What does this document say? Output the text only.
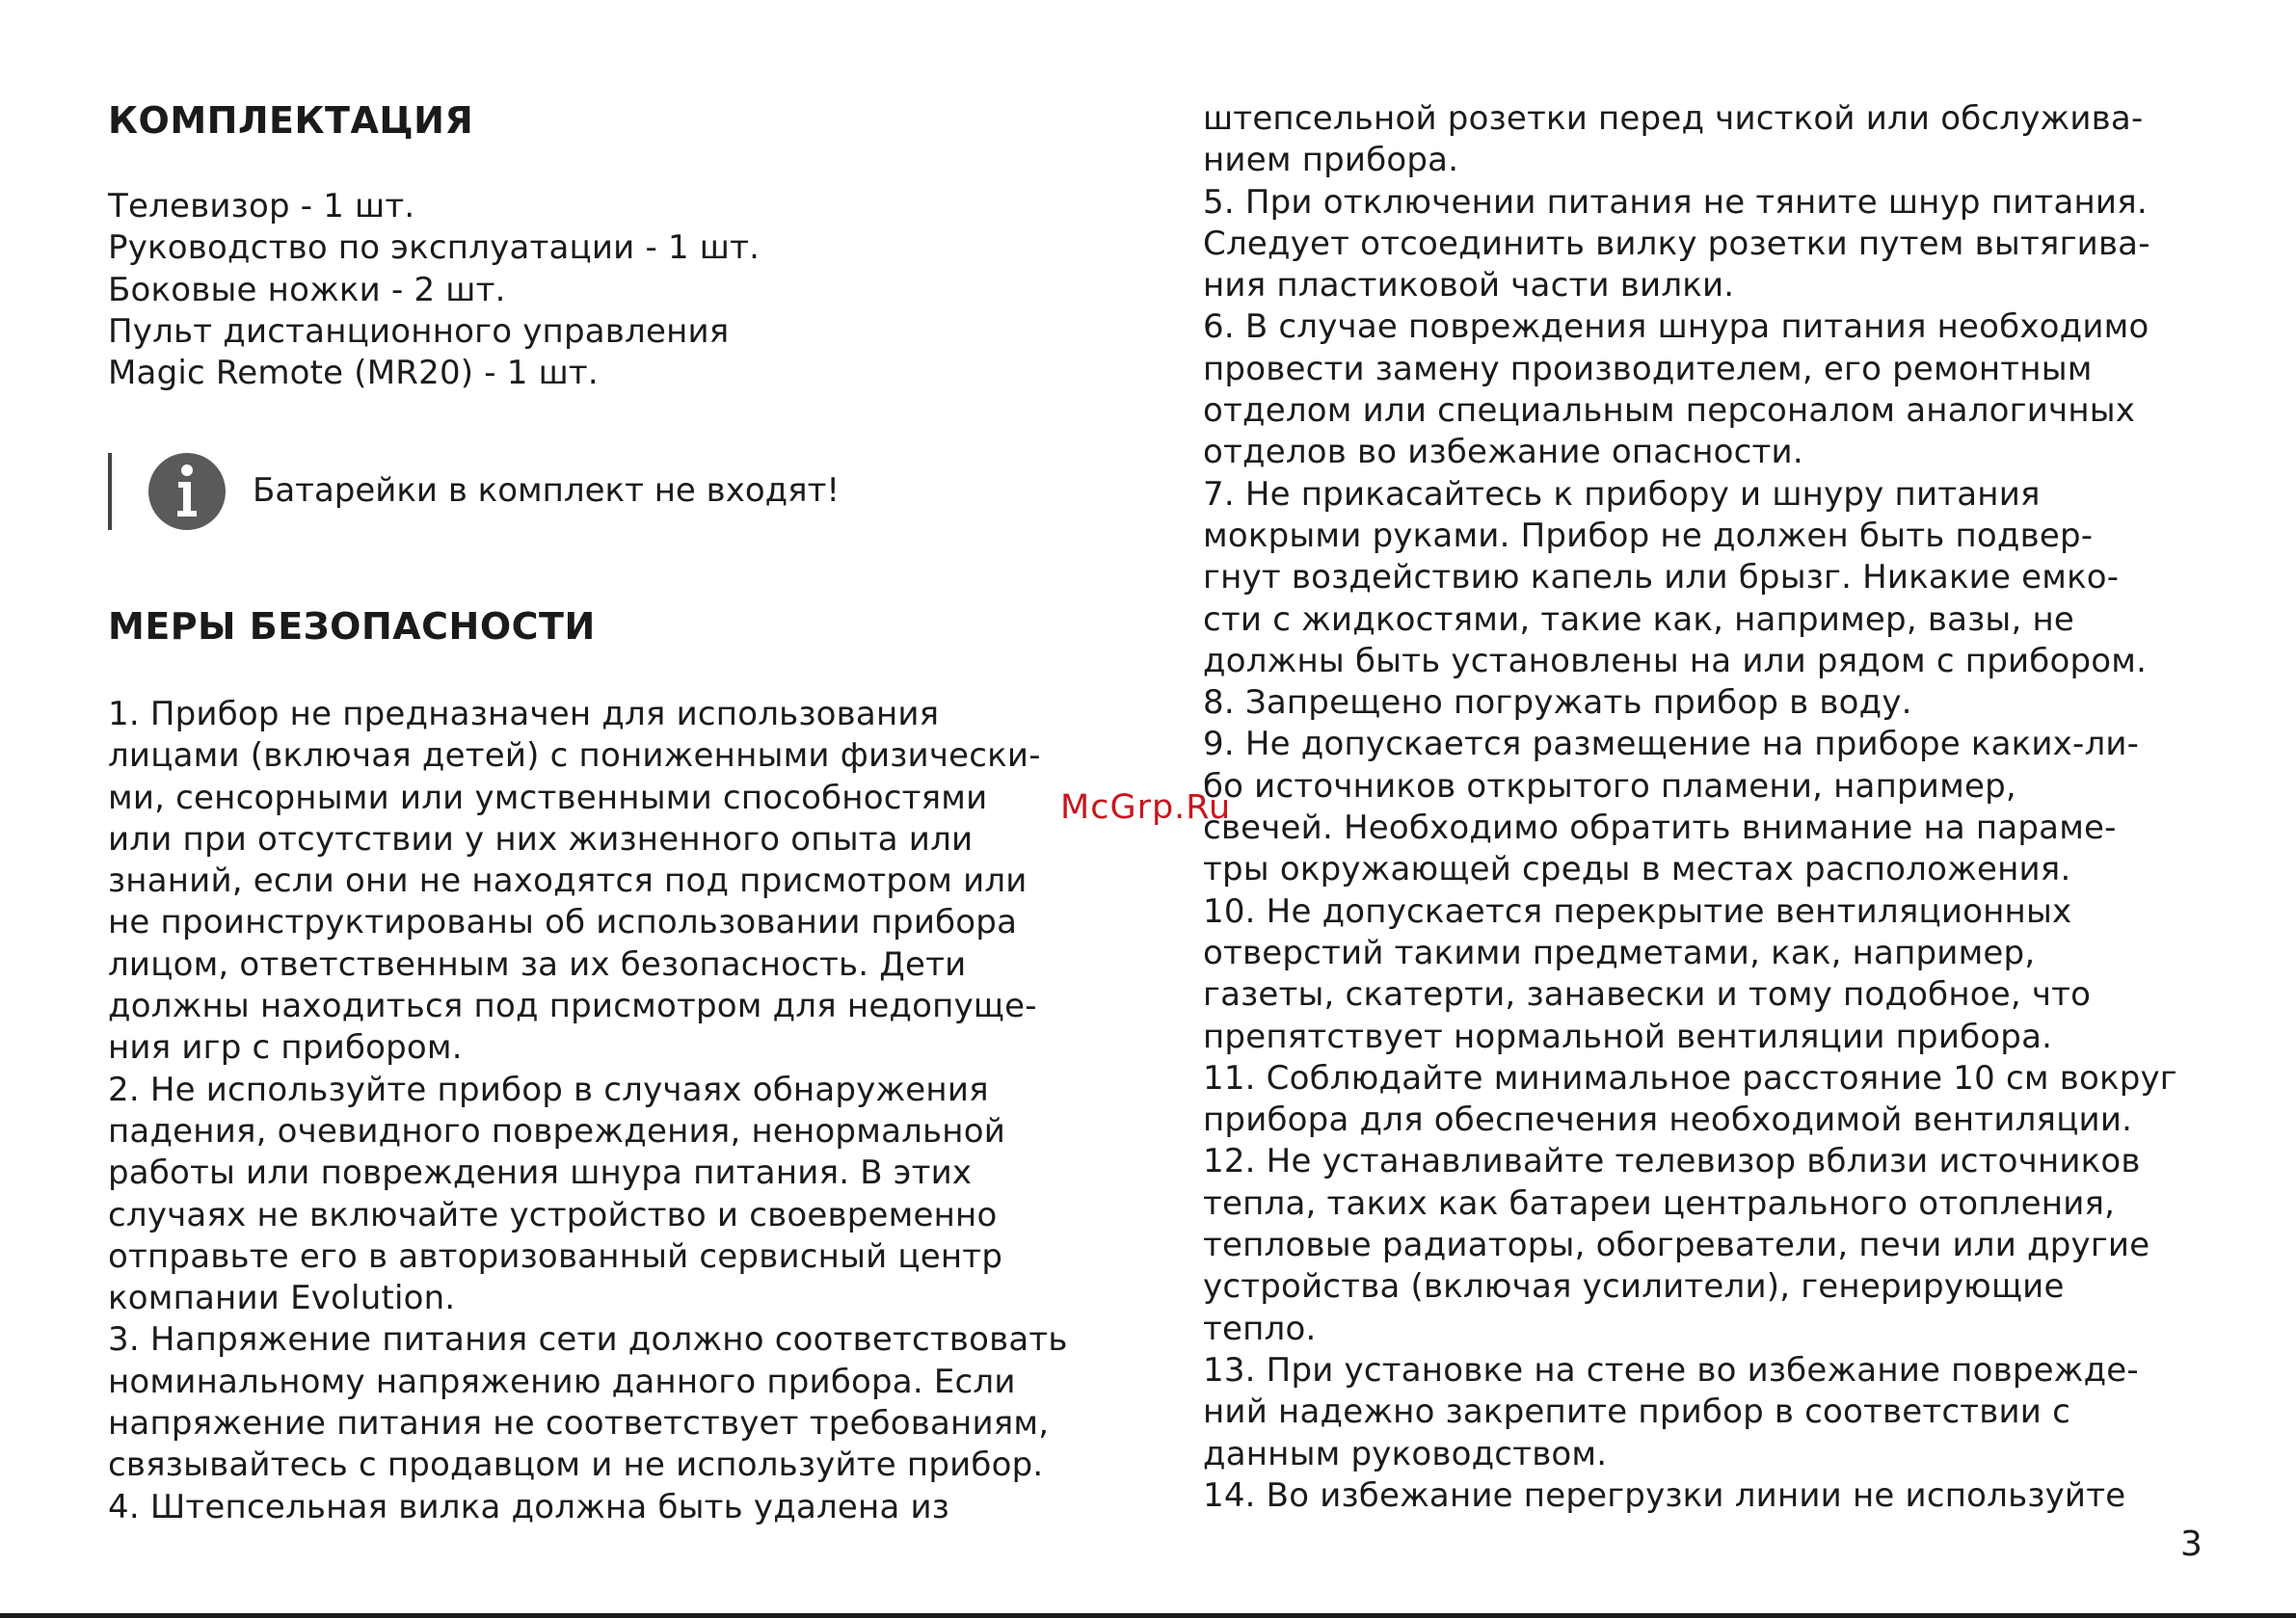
КОМПЛЕКТАЦИЯ
Телевизор - 1 шт.
Руководство по эксплуатации - 1 шт.
Боковые ножки - 2 шт.
Пульт дистанционного управления
Magic Remote (MR20) - 1 шт.
Батарейки в комплект не входят!
МЕРЫ БЕЗОПАСНОСТИ
1. Прибор не предназначен для использования
лицами (включая детей) с пониженными физически-
ми, сенсорными или умственными способностями
или при отсутствии у них жизненного опыта или
знаний, если они не находятся под присмотром или
не проинструктированы об использовании прибора
лицом, ответственным за их безопасность. Дети
должны находиться под присмотром для недопуще-
ния игр с прибором.
2. Не используйте прибор в случаях обнаружения
падения, очевидного повреждения, ненормальной
работы или повреждения шнура питания. В этих
случаях не включайте устройство и своевременно
отправьте его в авторизованный сервисный центр
компании Evolution.
3. Напряжение питания сети должно соответствовать
номинальному напряжению данного прибора. Если
напряжение питания не соответствует требованиям,
связывайтесь с продавцом и не используйте прибор.
4. Штепсельная вилка должна быть удалена из
штепсельной розетки перед чисткой или обслужива-
нием прибора.
5. При отключении питания не тяните шнур питания.
Следует отсоединить вилку розетки путем вытягива-
ния пластиковой части вилки.
6. В случае повреждения шнура питания необходимо
провести замену производителем, его ремонтным
отделом или специальным персоналом аналогичных
отделов во избежание опасности.
7. Не прикасайтесь к прибору и шнуру питания
мокрыми руками. Прибор не должен быть подвер-
гнут воздействию капель или брызг. Никакие емко-
сти с жидкостями, такие как, например, вазы, не
должны быть установлены на или рядом с прибором.
8. Запрещено погружать прибор в воду.
9. Не допускается размещение на приборе каких-ли-
бо источников открытого пламени, например,
свечей. Необходимо обратить внимание на параме-
тры окружающей среды в местах расположения.
10. Не допускается перекрытие вентиляционных
отверстий такими предметами, как, например,
газеты, скатерти, занавески и тому подобное, что
препятствует нормальной вентиляции прибора.
11. Соблюдайте минимальное расстояние 10 см вокруг
прибора для обеспечения необходимой вентиляции.
12. Не устанавливайте телевизор вблизи источников
тепла, таких как батареи центрального отопления,
тепловые радиаторы, обогреватели, печи или другие
устройства (включая усилители), генерирующие
тепло.
13. При установке на стене во избежание поврежде-
ний надежно закрепите прибор в соответствии с
данным руководством.
14. Во избежание перегрузки линии не используйте
McGrp.Ru
3
